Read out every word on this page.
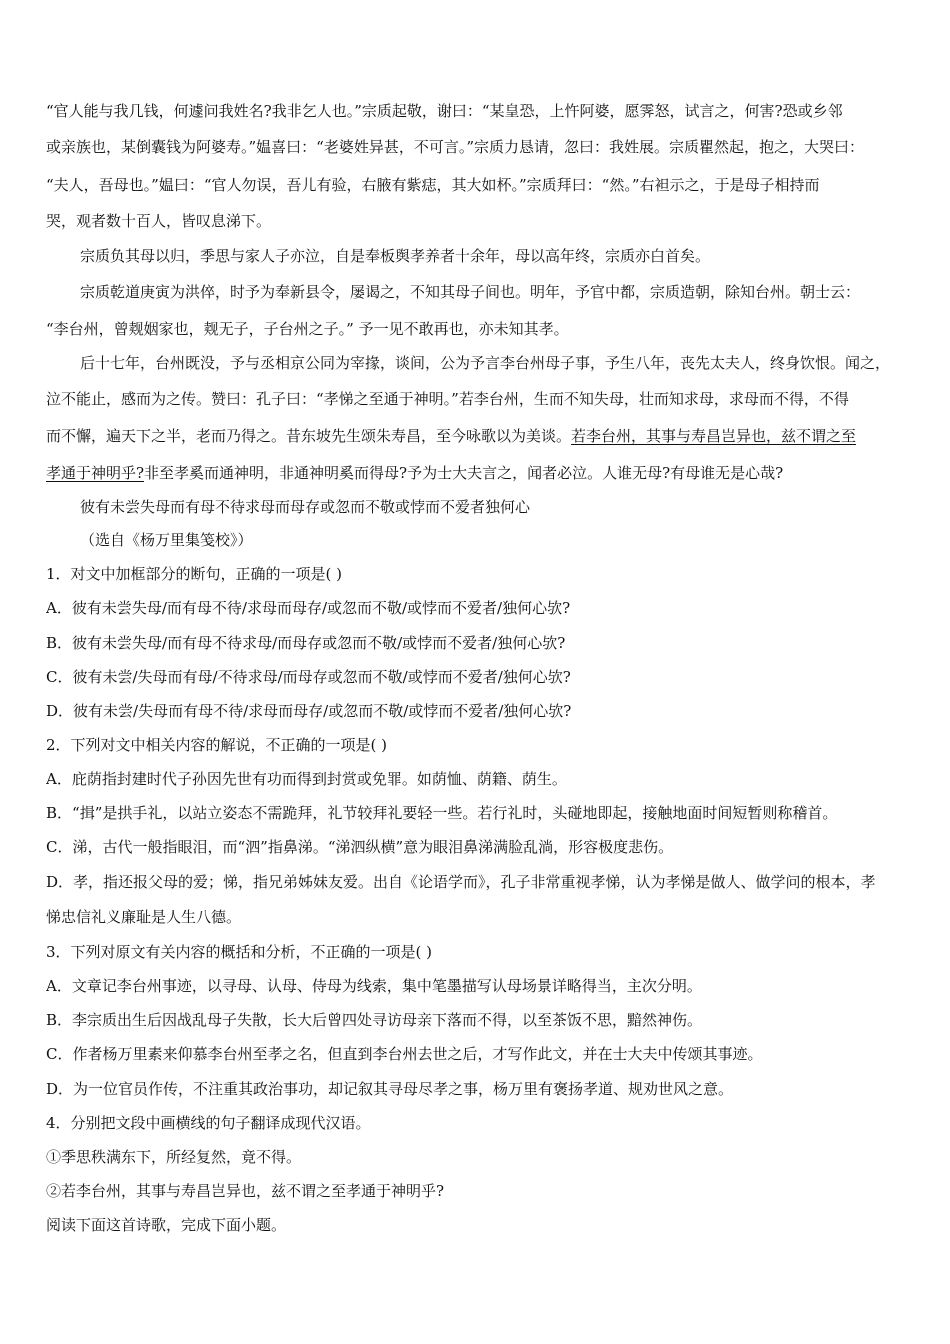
“官人能与我几钱，何遽问我姓名?我非乞人也。”宗质起敬，谢曰：“某皇恐，上忤阿婆，愿霁怒，试言之，何害?恐或乡邻
或亲族也，某倒囊钱为阿婆寿。”媪喜曰：“老婆姓异甚，不可言。”宗质力恳请，忽曰：我姓展。宗质瞿然起，抱之，大哭曰：
“夫人，吾母也。”媪曰：“官人勿误，吾儿有验，右腋有紫痣，其大如杯。”宗质拜曰：“然。”右袒示之，于是母子相持而
哭，观者数十百人，皆叹息涕下。
宗质负其母以归，季思与家人子亦泣，自是奉板舆孝养者十余年，母以高年终，宗质亦白首矣。
宗质乾道庚寅为洪倅，时予为奉新县令，屡谒之，不知其母子间也。明年，予官中都，宗质造朝，除知台州。朝士云：
“李台州，曾觌姻家也，觌无子，子台州之子。” 予一见不敢再也，亦未知其孝。
后十七年，台州既没，予与丞相京公同为宰掾，谈间，公为予言李台州母子事，予生八年，丧先太夫人，终身饮恨。闻之，
泣不能止，感而为之传。赞曰：孔子曰：“孝悌之至通于神明。”若李台州，生而不知失母，壮而知求母，求母而不得，不得
而不懈，遍天下之半，老而乃得之。昔东坡先生颂朱寿昌，至今咏歌以为美谈。若李台州，其事与寿昌岂异也，兹不谓之至
孝通于神明乎?非至孝奚而通神明，非通神明奚而得母?予为士大夫言之，闻者必泣。人谁无母?有母谁无是心哉?
彼有未尝失母而有母不待求母而母存或忽而不敬或悖而不爱者独何心
（选自《杨万里集笺校》）
1．对文中加框部分的断句，正确的一项是( )
A．彼有未尝失母/而有母不待/求母而母存/或忽而不敬/或悖而不爱者/独何心欤?
B．彼有未尝失母/而有母不待求母/而母存或忽而不敬/或悖而不爱者/独何心欤?
C．彼有未尝/失母而有母/不待求母/而母存或忽而不敬/或悖而不爱者/独何心欤?
D．彼有未尝/失母而有母不待/求母而母存/或忽而不敬/或悖而不爱者/独何心欤?
2．下列对文中相关内容的解说，不正确的一项是( )
A．庇荫指封建时代子孙因先世有功而得到封赏或免罪。如荫恤、荫籍、荫生。
B．“揖”是拱手礼，以站立姿态不需跪拜，礼节较拜礼要轻一些。若行礼时，头碰地即起，接触地面时间短暂则称稽首。
C．涕，古代一般指眼泪，而“泗”指鼻涕。“涕泗纵横”意为眼泪鼻涕满脸乱淌，形容极度悲伤。
D．孝，指还报父母的爱；悌，指兄弟姊妹友爱。出自《论语学而》，孔子非常重视孝悌，认为孝悌是做人、做学问的根本，孝
悌忠信礼义廉耻是人生八德。
3．下列对原文有关内容的概括和分析，不正确的一项是( )
A．文章记李台州事迹，以寻母、认母、侍母为线索，集中笔墨描写认母场景详略得当，主次分明。
B．李宗质出生后因战乱母子失散，长大后曾四处寻访母亲下落而不得，以至茶饭不思，黯然神伤。
C．作者杨万里素来仰慕李台州至孝之名，但直到李台州去世之后，才写作此文，并在士大夫中传颂其事迹。
D．为一位官员作传，不注重其政治事功，却记叙其寻母尽孝之事，杨万里有褒扬孝道、规劝世风之意。
4．分别把文段中画横线的句子翻译成现代汉语。
①季思秩满东下，所经复然，竟不得。
②若李台州，其事与寿昌岂异也，兹不谓之至孝通于神明乎?
阅读下面这首诗歌，完成下面小题。
